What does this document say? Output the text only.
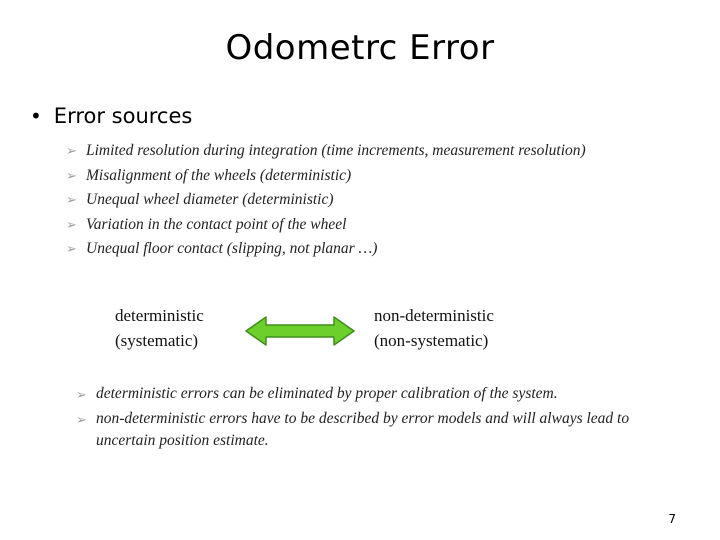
Odometrc Error
• Error sources
➢ Limited resolution during integration (time increments, measurement resolution)
➢ Misalignment of the wheels (deterministic)
➢ Unequal wheel diameter (deterministic)
➢ Variation in the contact point of the wheel
➢ Unequal floor contact (slipping, not planar …)
deterministic
(systematic)
non-deterministic
(non-systematic)
➢ deterministic errors can be eliminated by proper calibration of the system.
➢ non-deterministic errors have to be described by error models and will always lead to uncertain position estimate.
7
